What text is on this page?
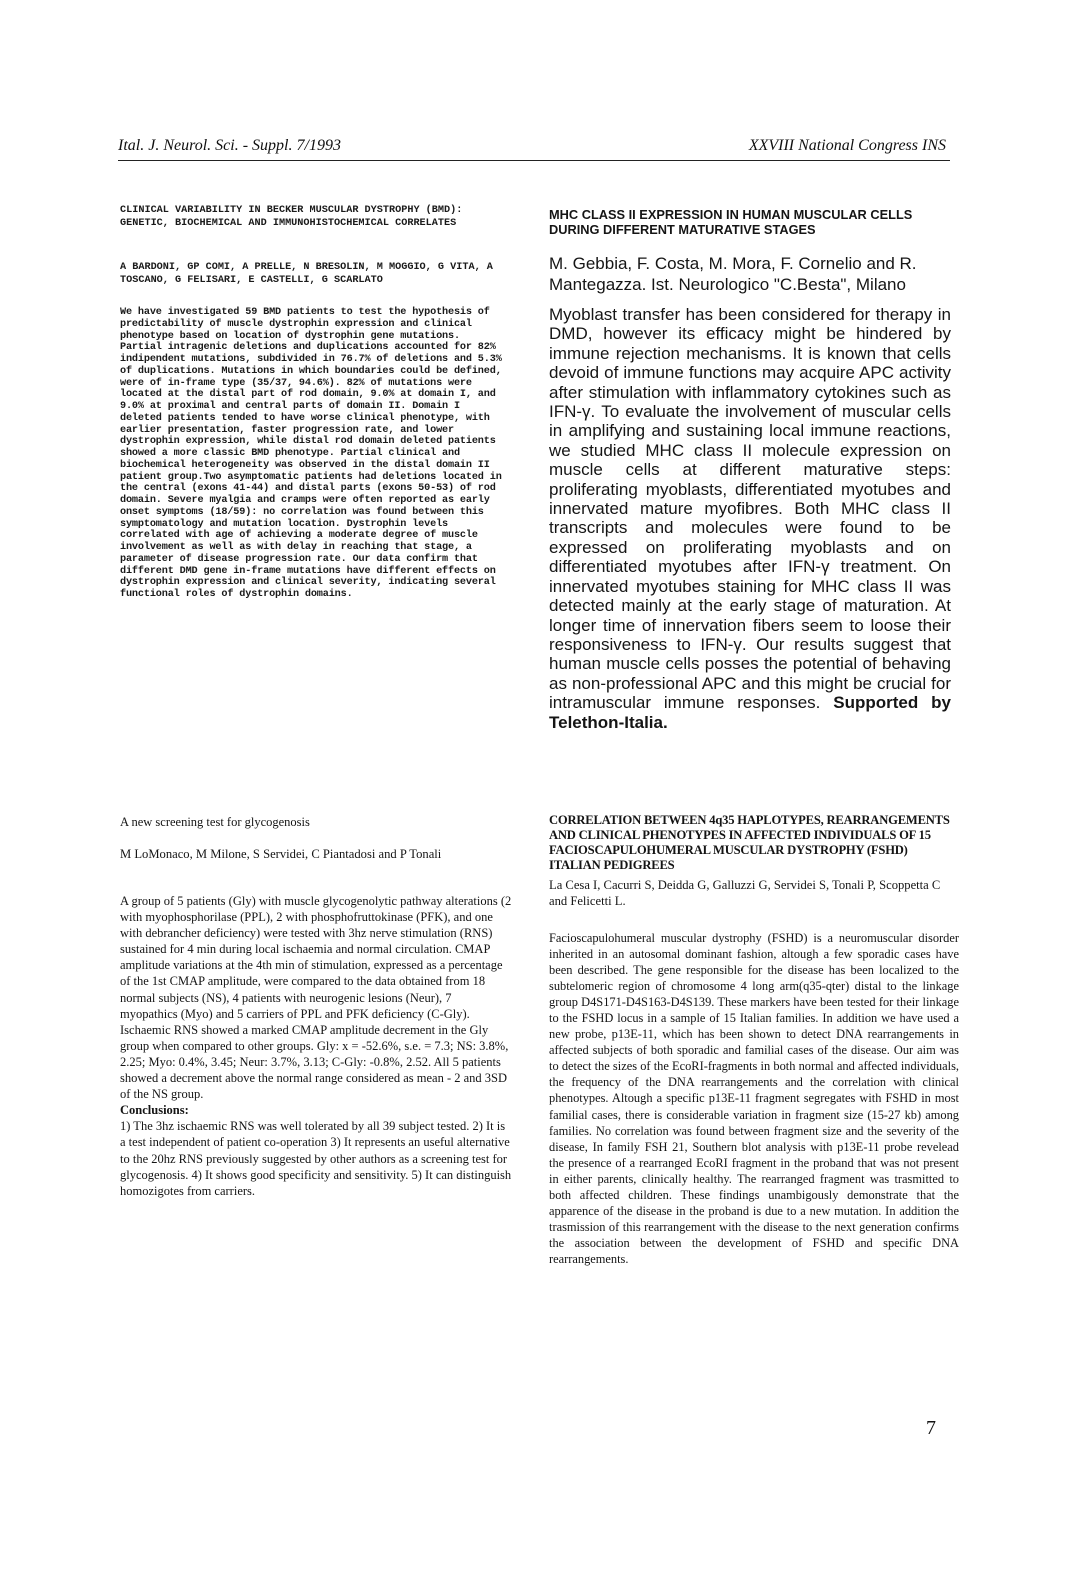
Ital. J. Neurol. Sci. - Suppl. 7/1993	XXVIII National Congress INS
CLINICAL VARIABILITY IN BECKER MUSCULAR DYSTROPHY (BMD): GENETIC, BIOCHEMICAL AND IMMUNOHISTOCHEMICAL CORRELATES
A BARDONI, GP COMI, A PRELLE, N BRESOLIN, M MOGGIO, G VITA, A TOSCANO, G FELISARI, E CASTELLI, G SCARLATO
We have investigated 59 BMD patients to test the hypothesis of predictability of muscle dystrophin expression and clinical phenotype based on location of dystrophin gene mutations. Partial intragenic deletions and duplications accounted for 82% indipendent mutations, subdivided in 76.7% of deletions and 5.3% of duplications. Mutations in which boundaries could be defined, were of in-frame type (35/37, 94.6%). 82% of mutations were located at the distal part of rod domain, 9.0% at domain I, and 9.0% at proximal and central parts of domain II. Domain I deleted patients tended to have worse clinical phenotype, with earlier presentation, faster progression rate, and lower dystrophin expression, while distal rod domain deleted patients showed a more classic BMD phenotype. Partial clinical and biochemical heterogeneity was observed in the distal domain II patient group.Two asymptomatic patients had deletions located in the central (exons 41-44) and distal parts (exons 50-53) of rod domain. Severe myalgia and cramps were often reported as early onset symptoms (18/59): no correlation was found between this symptomatology and mutation location. Dystrophin levels correlated with age of achieving a moderate degree of muscle involvement as well as with delay in reaching that stage, a parameter of disease progression rate. Our data confirm that different DMD gene in-frame mutations have different effects on dystrophin expression and clinical severity, indicating several functional roles of dystrophin domains.
MHC CLASS II EXPRESSION IN HUMAN MUSCULAR CELLS DURING DIFFERENT MATURATIVE STAGES
M. Gebbia, F. Costa, M. Mora, F. Cornelio and R. Mantegazza. Ist. Neurologico "C.Besta", Milano
Myoblast transfer has been considered for therapy in DMD, however its efficacy might be hindered by immune rejection mechanisms. It is known that cells devoid of immune functions may acquire APC activity after stimulation with inflammatory cytokines such as IFN-γ. To evaluate the involvement of muscular cells in amplifying and sustaining local immune reactions, we studied MHC class II molecule expression on muscle cells at different maturative steps: proliferating myoblasts, differentiated myotubes and innervated mature myofibres. Both MHC class II transcripts and molecules were found to be expressed on proliferating myoblasts and on differentiated myotubes after IFN-γ treatment. On innervated myotubes staining for MHC class II was detected mainly at the early stage of maturation. At longer time of innervation fibers seem to loose their responsiveness to IFN-γ. Our results suggest that human muscle cells posses the potential of behaving as non-professional APC and this might be crucial for intramuscular immune responses. Supported by Telethon-Italia.
A new screening test for glycogenosis
M LoMonaco, M Milone, S Servidei, C Piantadosi and P Tonali

A group of 5 patients (Gly) with muscle glycogenolytic pathway alterations (2 with myophosphorilase (PPL), 2 with phosphofruttokinase (PFK), and one with debrancher deficiency) were tested with 3hz nerve stimulation (RNS) sustained for 4 min during local ischaemia and normal circulation. CMAP amplitude variations at the 4th min of stimulation, expressed as a percentage of the 1st CMAP amplitude, were compared to the data obtained from 18 normal subjects (NS), 4 patients with neurogenic lesions (Neur), 7 myopathics (Myo) and 5 carriers of PPL and PFK deficiency (C-Gly). Ischaemic RNS showed a marked CMAP amplitude decrement in the Gly group when compared to other groups. Gly: x = -52.6%, s.e. = 7.3; NS: 3.8%, 2.25; Myo: 0.4%, 3.45; Neur: 3.7%, 3.13; C-Gly: -0.8%, 2.52. All 5 patients showed a decrement above the normal range considered as mean - 2 and 3SD of the NS group.

Conclusions:

1) The 3hz ischaemic RNS was well tolerated by all 39 subject tested. 2) It is a test independent of patient co-operation 3) It represents an useful alternative to the 20hz RNS previously suggested by other authors as a screening test for glycogenosis. 4) It shows good specificity and sensitivity. 5) It can distinguish homozigotes from carriers.

CORRELATION BETWEEN 4q35 HAPLOTYPES, REARRANGEMENTS AND CLINICAL PHENOTYPES IN AFFECTED INDIVIDUALS OF 15 FACIOSCAPULOHUMERAL MUSCULAR DYSTROPHY (FSHD) ITALIAN PEDIGREES
La Cesa I, Cacurri S, Deidda G, Galluzzi G, Servidei S, Tonali P, Scoppetta C and Felicetti L.
Facioscapulohumeral muscular dystrophy (FSHD) is a neuromuscular disorder inherited in an autosomal dominant fashion, altough a few sporadic cases have been described. The gene responsible for the disease has been localized to the subtelomeric region of chromosome 4 long arm(q35-qter) distal to the linkage group D4S171-D4S163-D4S139. These markers have been tested for their linkage to the FSHD locus in a sample of 15 Italian families. In addition we have used a new probe, p13E-11, which has been shown to detect DNA rearrangements in affected subjects of both sporadic and familial cases of the disease. Our aim was to detect the sizes of the EcoRI-fragments in both normal and affected individuals, the frequency of the DNA rearrangements and the correlation with clinical phenotypes. Altough a specific p13E-11 fragment segregates with FSHD in most familial cases, there is considerable variation in fragment size (15-27 kb) among families. No correlation was found between fragment size and the severity of the disease, In family FSH 21, Southern blot analysis with p13E-11 probe revelead the presence of a rearranged EcoRI fragment in the proband that was not present in either parents, clinically healthy. The rearranged fragment was trasmitted to both affected children. These findings unambigously demonstrate that the apparence of the disease in the proband is due to a new mutation. In addition the trasmission of this rearrangement with the disease to the next generation confirms the association between the development of FSHD and specific DNA rearrangements.
7
